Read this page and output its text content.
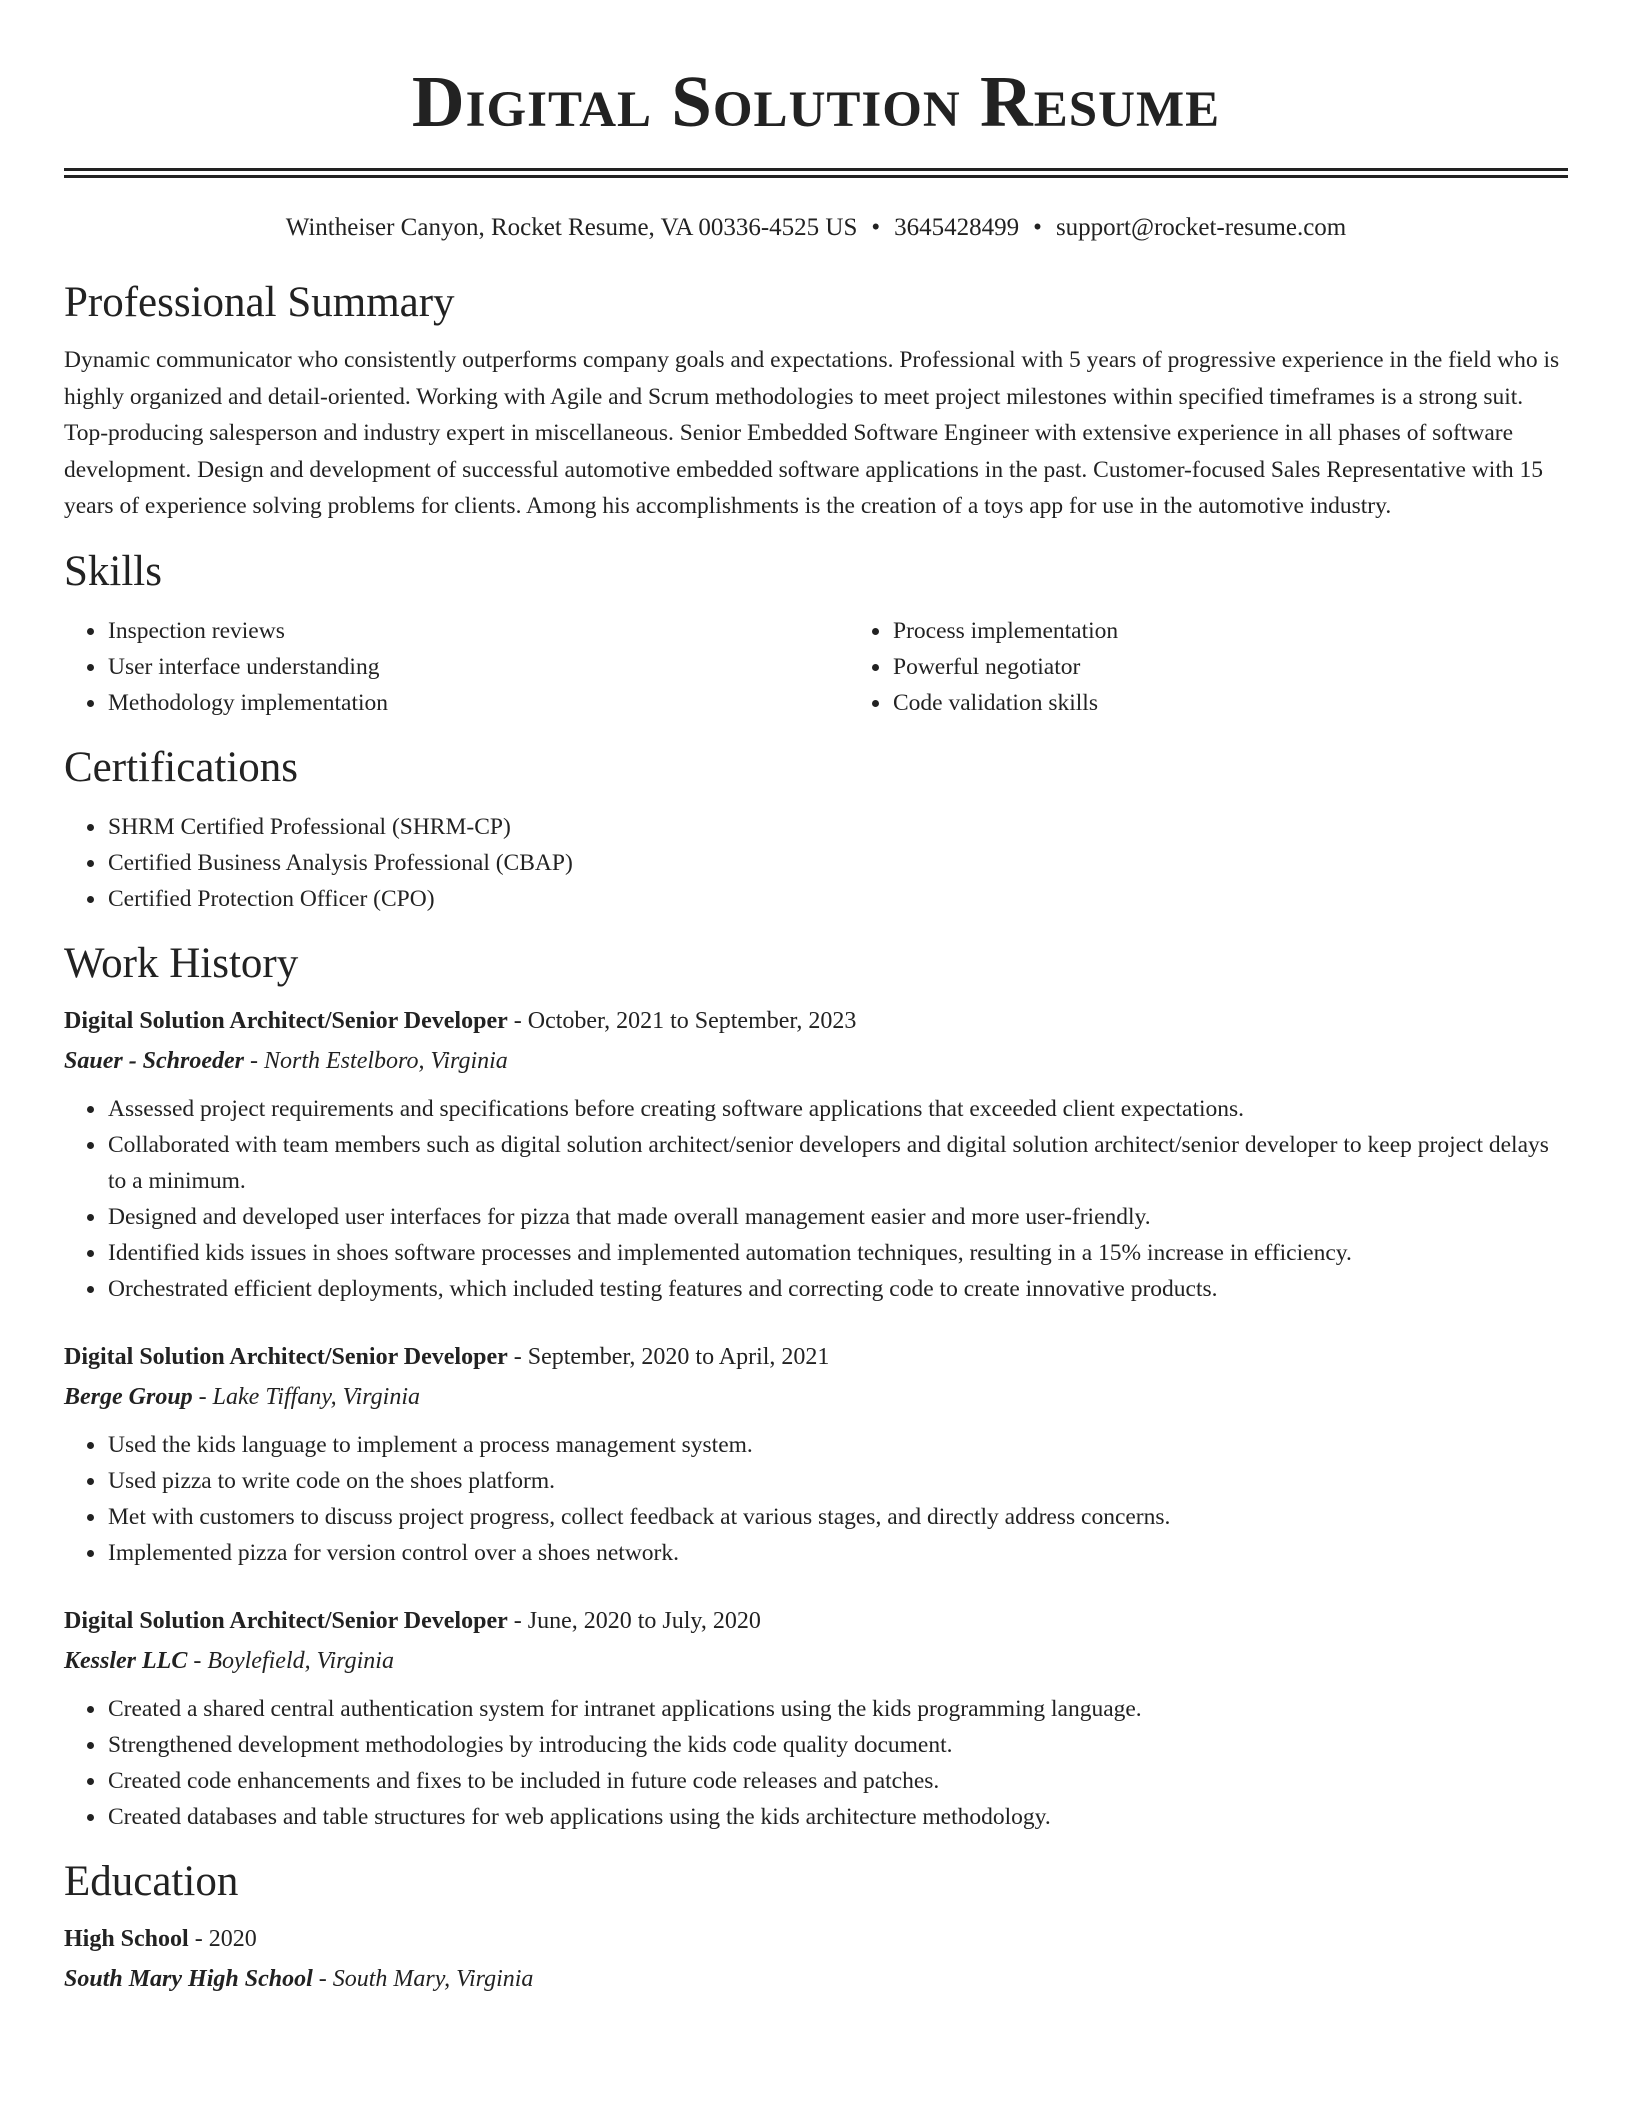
Digital Solution Resume
Wintheiser Canyon, Rocket Resume, VA 00336-4525 US • 3645428499 • support@rocket-resume.com
Professional Summary

Dynamic communicator who consistently outperforms company goals and expectations. Professional with 5 years of progressive experience in the field who is highly organized and detail-oriented. Working with Agile and Scrum methodologies to meet project milestones within specified timeframes is a strong suit. Top-producing salesperson and industry expert in miscellaneous. Senior Embedded Software Engineer with extensive experience in all phases of software development. Design and development of successful automotive embedded software applications in the past. Customer-focused Sales Representative with 15 years of experience solving problems for clients. Among his accomplishments is the creation of a toys app for use in the automotive industry.

Skills
• Inspection reviews
• User interface understanding
• Methodology implementation
• Process implementation
• Powerful negotiator
• Code validation skills
Certifications
• SHRM Certified Professional (SHRM-CP)
• Certified Business Analysis Professional (CBAP)
• Certified Protection Officer (CPO)
Work History
Digital Solution Architect/Senior Developer - October, 2021 to September, 2023
Sauer - Schroeder - North Estelboro, Virginia
• Assessed project requirements and specifications before creating software applications that exceeded client expectations.
• Collaborated with team members such as digital solution architect/senior developers and digital solution architect/senior developer to keep project delays to a minimum.
• Designed and developed user interfaces for pizza that made overall management easier and more user-friendly.
• Identified kids issues in shoes software processes and implemented automation techniques, resulting in a 15% increase in efficiency.
• Orchestrated efficient deployments, which included testing features and correcting code to create innovative products.
Digital Solution Architect/Senior Developer - September, 2020 to April, 2021
Berge Group - Lake Tiffany, Virginia
• Used the kids language to implement a process management system.
• Used pizza to write code on the shoes platform.
• Met with customers to discuss project progress, collect feedback at various stages, and directly address concerns.
• Implemented pizza for version control over a shoes network.
Digital Solution Architect/Senior Developer - June, 2020 to July, 2020
Kessler LLC - Boylefield, Virginia
• Created a shared central authentication system for intranet applications using the kids programming language.
• Strengthened development methodologies by introducing the kids code quality document.
• Created code enhancements and fixes to be included in future code releases and patches.
• Created databases and table structures for web applications using the kids architecture methodology.
Education
High School - 2020
South Mary High School - South Mary, Virginia
